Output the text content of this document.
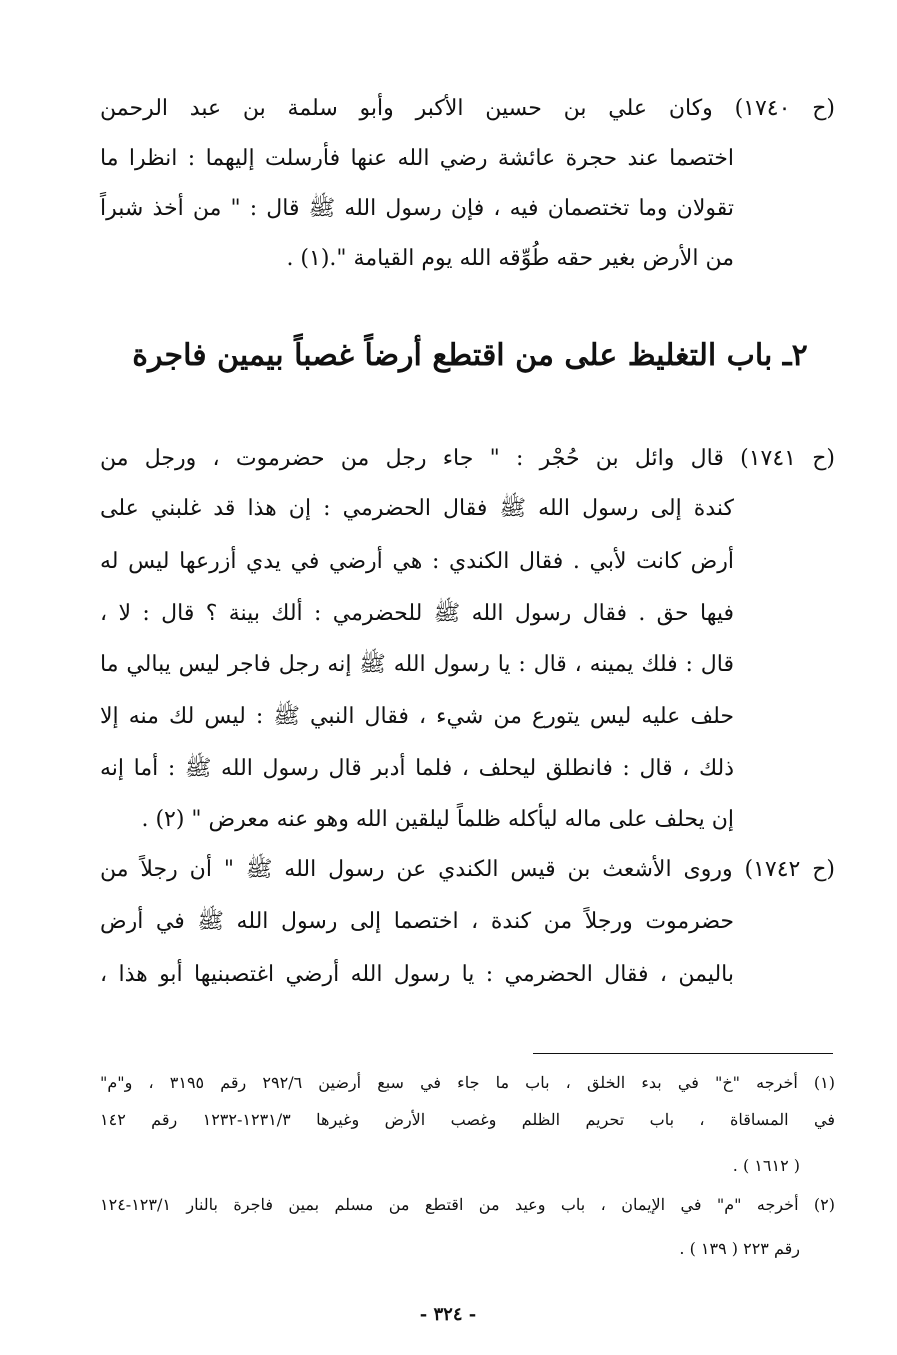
(ح ١٧٤٠) وكان علي بن حسين الأكبر وأبو سلمة بن عبد الرحمن
اختصما عند حجرة عائشة رضي الله عنها فأرسلت إليهما : انظرا ما
تقولان وما تختصمان فيه ، فإن رسول الله ﷺ قال : " من أخذ شبراً
من الأرض بغير حقه طُوِّقه الله يوم القيامة ".(١) .
٢ـ باب التغليظ على من اقتطع أرضاً غصباً بيمين فاجرة
(ح ١٧٤١) قال وائل بن حُجْر : " جاء رجل من حضرموت ، ورجل من
كندة إلى رسول الله ﷺ فقال الحضرمي : إن هذا قد غلبني على
أرض كانت لأبي . فقال الكندي : هي أرضي في يدي أزرعها ليس له
فيها حق . فقال رسول الله ﷺ للحضرمي : ألك بينة ؟ قال : لا ،
قال : فلك يمينه ، قال : يا رسول الله ﷺ إنه رجل فاجر ليس يبالي ما
حلف عليه ليس يتورع من شيء ، فقال النبي ﷺ : ليس لك منه إلا
ذلك ، قال : فانطلق ليحلف ، فلما أدبر قال رسول الله ﷺ : أما إنه
إن يحلف على ماله ليأكله ظلماً ليلقين الله وهو عنه معرض " (٢) .
(ح ١٧٤٢) وروى الأشعث بن قيس الكندي عن رسول الله ﷺ " أن رجلاً من
حضرموت ورجلاً من كندة ، اختصما إلى رسول الله ﷺ في أرض
باليمن ، فقال الحضرمي : يا رسول الله أرضي اغتصبنيها أبو هذا ،
(١) أخرجه "خ" في بدء الخلق ، باب ما جاء في سبع أرضين ٢٩٢/٦ رقم ٣١٩٥ ، و"م"
في المساقاة ، باب تحريم الظلم وغصب الأرض وغيرها ١٢٣١/٣-١٢٣٢ رقم ١٤٢
( ١٦١٢ ) .
(٢) أخرجه "م" في الإيمان ، باب وعيد من اقتطع من مسلم بمين فاجرة بالنار ١٢٣/١-١٢٤
رقم ٢٢٣ ( ١٣٩ ) .
- ٣٢٤ -
